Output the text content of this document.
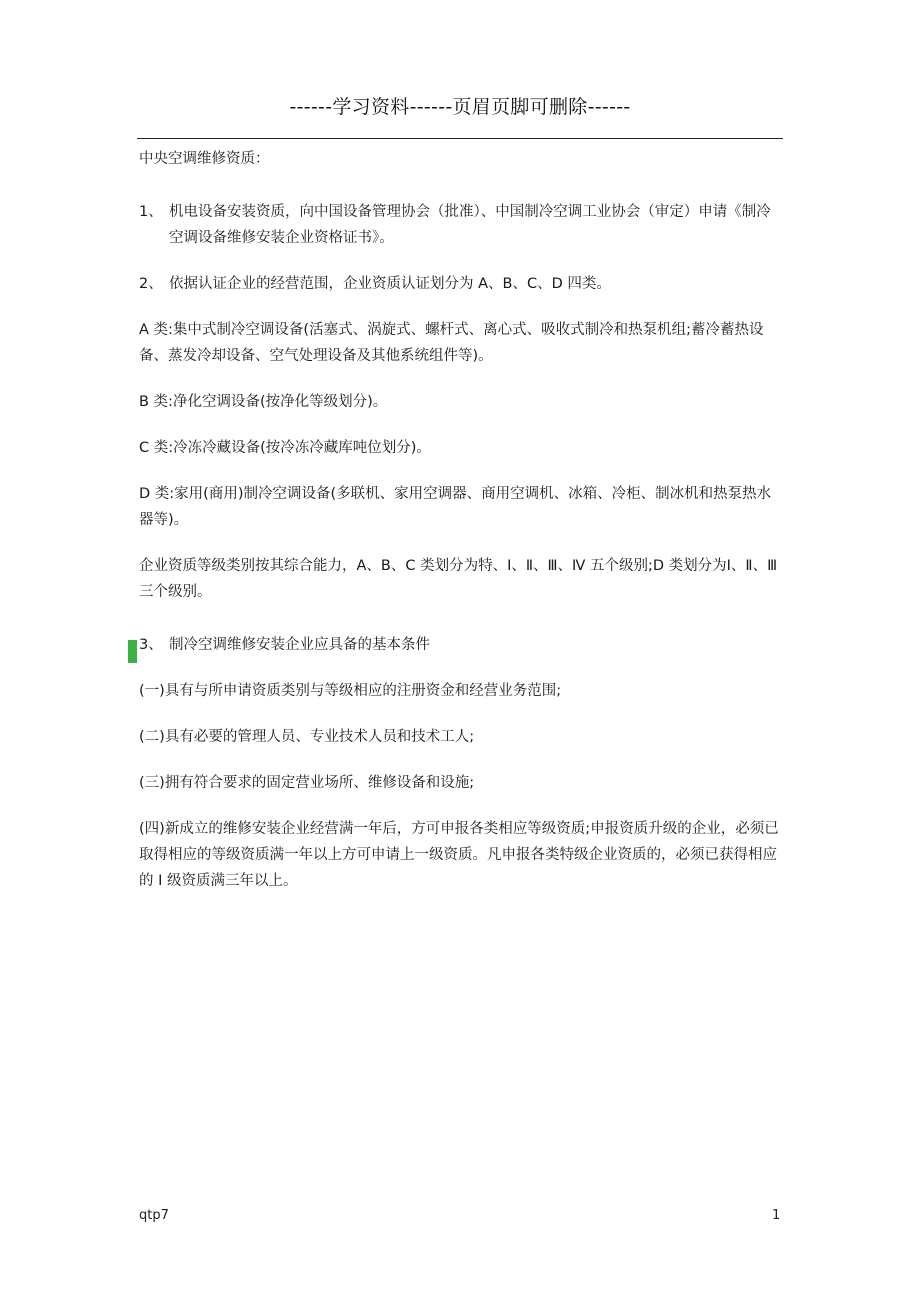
------学习资料------页眉页脚可删除------

中央空调维修资质：

1、 机电设备安装资质，向中国设备管理协会（批准）、中国制冷空调工业协会（审定）申请《制冷空调设备维修安装企业资格证书》。

2、 依据认证企业的经营范围，企业资质认证划分为 A、B、C、D 四类。

A 类:集中式制冷空调设备(活塞式、涡旋式、螺杆式、离心式、吸收式制冷和热泵机组;蓄冷蓄热设备、蒸发冷却设备、空气处理设备及其他系统组件等)。

B 类:净化空调设备(按净化等级划分)。

C 类:冷冻冷藏设备(按冷冻冷藏库吨位划分)。

D 类:家用(商用)制冷空调设备(多联机、家用空调器、商用空调机、冰箱、冷柜、制冰机和热泵热水器等)。

企业资质等级类别按其综合能力，A、B、C 类划分为特、Ⅰ、Ⅱ、Ⅲ、Ⅳ 五个级别;D 类划分为Ⅰ、Ⅱ、Ⅲ三个级别。

3、 制冷空调维修安装企业应具备的基本条件

(一)具有与所申请资质类别与等级相应的注册资金和经营业务范围;

(二)具有必要的管理人员、专业技术人员和技术工人;

(三)拥有符合要求的固定营业场所、维修设备和设施;

(四)新成立的维修安装企业经营满一年后，方可申报各类相应等级资质;申报资质升级的企业，必须已取得相应的等级资质满一年以上方可申请上一级资质。凡申报各类特级企业资质的，必须已获得相应的 I 级资质满三年以上。

qtp7	1
